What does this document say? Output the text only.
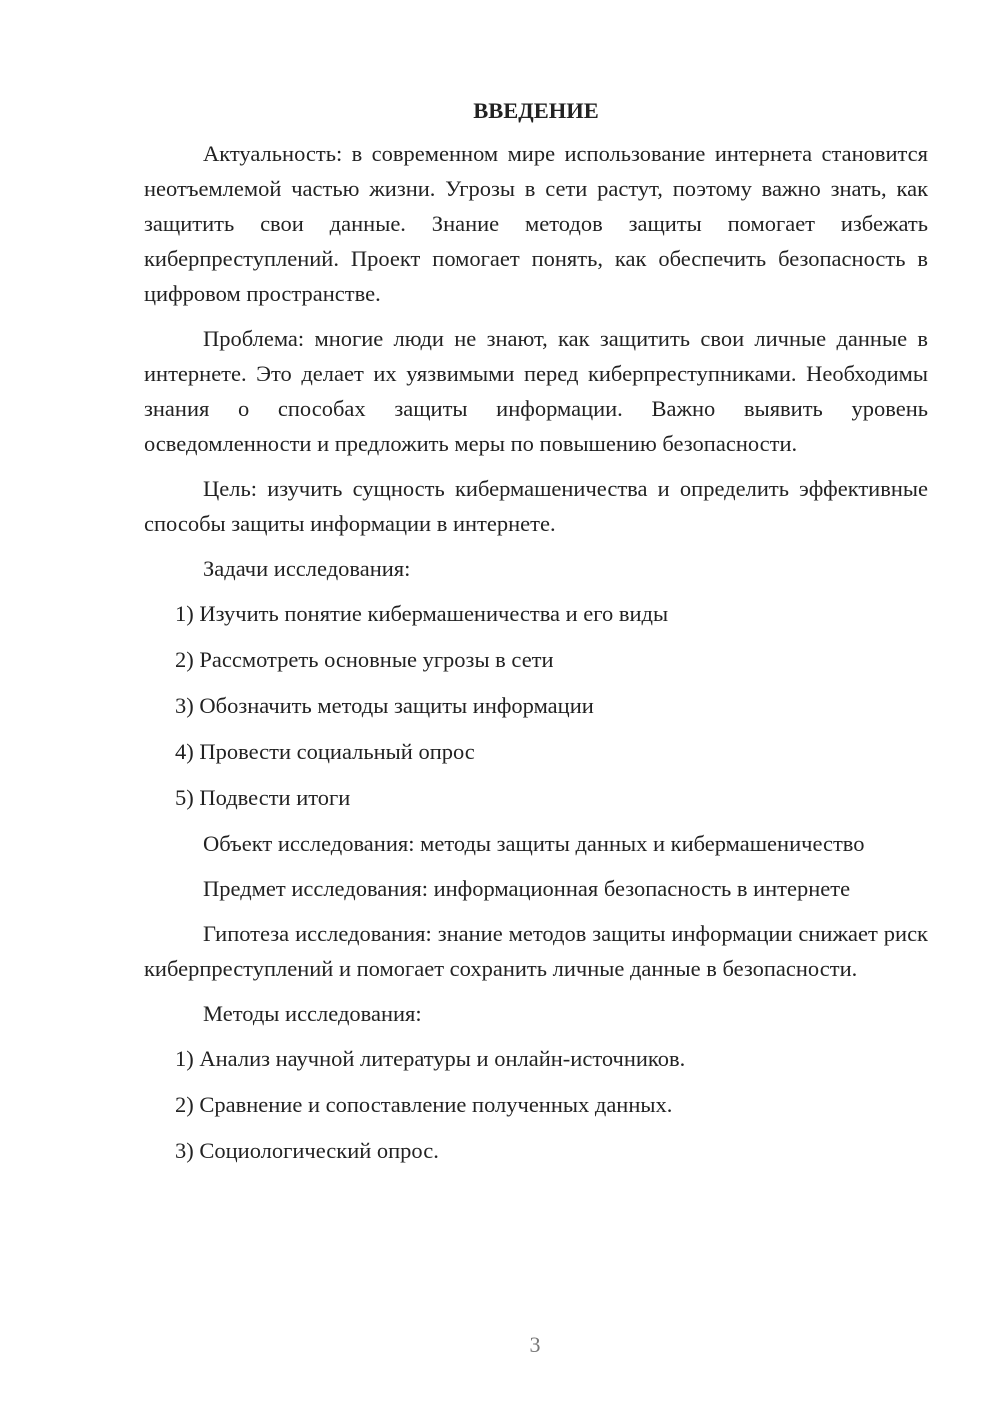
ВВЕДЕНИЕ

Актуальность: в современном мире использование интернета становится неотъемлемой частью жизни. Угрозы в сети растут, поэтому важно знать, как защитить свои данные. Знание методов защиты помогает избежать киберпреступлений. Проект помогает понять, как обеспечить безопасность в цифровом пространстве.

Проблема: многие люди не знают, как защитить свои личные данные в интернете. Это делает их уязвимыми перед киберпреступниками. Необходимы знания о способах защиты информации. Важно выявить уровень осведомленности и предложить меры по повышению безопасности.

Цель: изучить сущность кибермашеничества и определить эффективные способы защиты информации в интернете.

Задачи исследования:
1) Изучить понятие кибермашеничества и его виды
2) Рассмотреть основные угрозы в сети
3) Обозначить методы защиты информации
4) Провести социальный опрос
5) Подвести итоги

Объект исследования: методы защиты данных и кибермашеничество

Предмет исследования: информационная безопасность в интернете

Гипотеза исследования: знание методов защиты информации снижает риск киберпреступлений и помогает сохранить личные данные в безопасности.

Методы исследования:
1) Анализ научной литературы и онлайн-источников.
2) Сравнение и сопоставление полученных данных.
3) Социологический опрос.
3
